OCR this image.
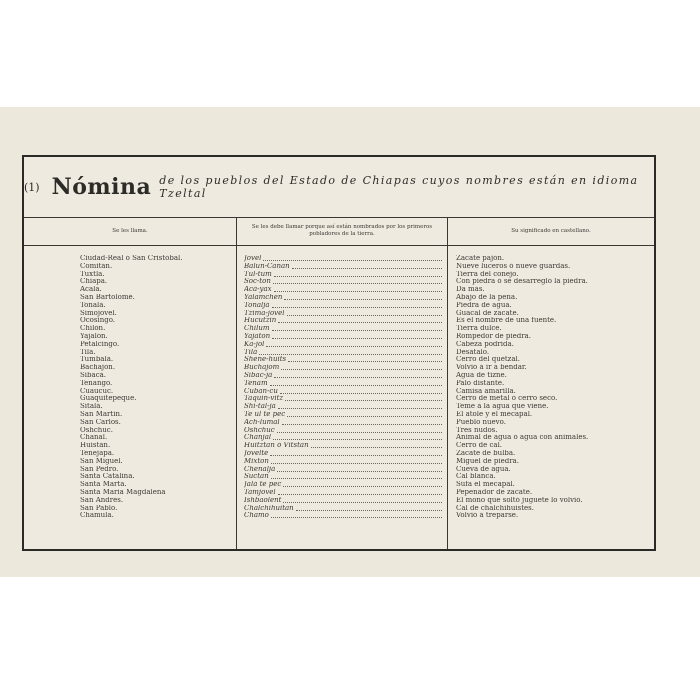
(1) Nómina de los pueblos del Estado de Chiapas cuyos nombres están en idioma Tzeltal
Se les llama.
Se les debe llamar porque así están nombrados por los primeros pobladores de la tierra.
Su significado en castellano.
Ciudad-Real ó San Cristóbal.
Comitán.
Tuxtla.
Chiapa.
Acala.
San Bartolomé.
Tonalá.
Simojovel.
Ocosingo.
Chilón.
Yajalón.
Petalcingo.
Tilá.
Tumbalá.
Bachajón.
Sibacá.
Tenango.
Cuaucuc.
Guaquitepeque.
Sitalá.
San Martín.
San Carlos.
Oshchuc.
Chanal.
Huistán.
Tenejapa.
San Miguel.
San Pedro.
Santa Catalina.
Santa Marta.
Santa María Magdalena
San Andrés.
San Pablo.
Chamula.
Jovel
Balun-Canan
Tul-tum
Soc-ton
Acá-yax
Yalamchen
Tonaljá
Tzima-jovel
Hucutzin
Chilum
Yajaton
Ka-jol
Tilá
Shene-huits
Buchajom
Sibac-já
Tenam
Cuban-cu
Taquin-vitz
Shi-tal-já
Te ul te pec
Ach-lumal
Oshchuc
Chanjal
Huitztan ó Vitstan
Jovelté
Mixton
Chenaljá
Suctan
Jalá te pec
Tamjovel
Ishbaolent
Chalchihuitan
Chamo
Zacate pajón.
Nueve luceros ó nueve guardas.
Tierra del conejo.
Con piedra ó se desarregló la piedra.
Da más.
Abajo de la peña.
Piedra de agua.
Guacal de zacate.
Es el nombre de una fuente.
Tierra dulce.
Rompedor de piedra.
Cabeza podrida.
Desátalo.
Cerro del quetzal.
Volvió á ir á bendar.
Agua de tizne.
Palo distante.
Camisa amarilla.
Cerro de metal ó cerro seco.
Teme á la agua que viene.
El atole y el mecapal.
Pueblo nuevo.
Tres nudos.
Animal de agua ó agua con animales.
Cerro de cal.
Zacate de bulba.
Miguel de piedra.
Cueva de agua.
Cal blanca.
Súfa el mecapal.
Pepenador de zacate.
El mono que soltó juguete lo volvió.
Cal de chalchihuistes.
Volvió á treparse.
